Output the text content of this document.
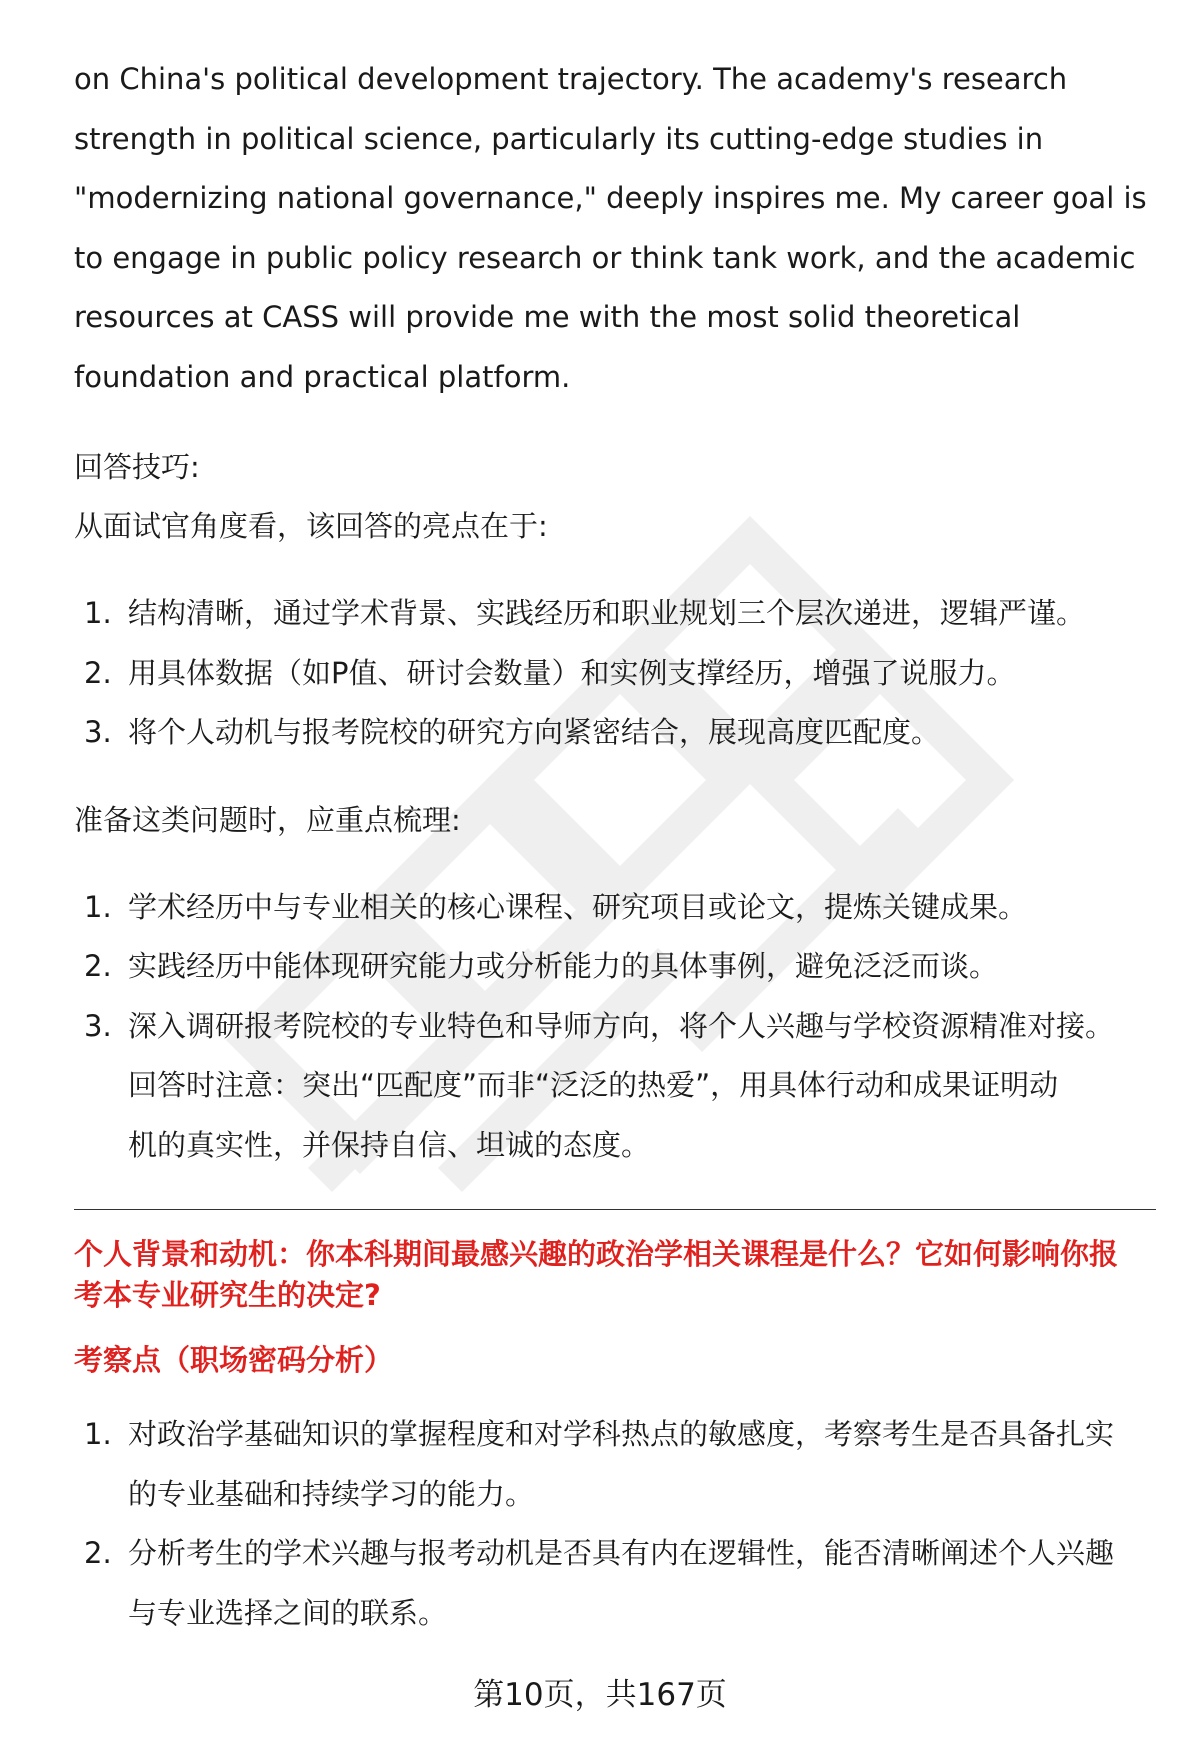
on China's political development trajectory. The academy's research

strength in political science, particularly its cutting-edge studies in

"modernizing national governance," deeply inspires me. My career goal is

to engage in public policy research or think tank work, and the academic

resources at CASS will provide me with the most solid theoretical

foundation and practical platform.

回答技巧:

从面试官角度看，该回答的亮点在于:

1. 结构清晰，通过学术背景、实践经历和职业规划三个层次递进，逻辑严谨。
2. 用具体数据（如P值、研讨会数量）和实例支撑经历，增强了说服力。
3. 将个人动机与报考院校的研究方向紧密结合，展现高度匹配度。

准备这类问题时，应重点梳理:

1. 学术经历中与专业相关的核心课程、研究项目或论文，提炼关键成果。
2. 实践经历中能体现研究能力或分析能力的具体事例，避免泛泛而谈。
3. 深入调研报考院校的专业特色和导师方向，将个人兴趣与学校资源精准对接。
回答时注意：突出“匹配度”而非“泛泛的热爱”，用具体行动和成果证明动
机的真实性，并保持自信、坦诚的态度。

个人背景和动机：你本科期间最感兴趣的政治学相关课程是什么？它如何影响你报

考本专业研究生的决定?

考察点（职场密码分析）

1. 对政治学基础知识的掌握程度和对学科热点的敏感度，考察考生是否具备扎实
的专业基础和持续学习的能力。
2. 分析考生的学术兴趣与报考动机是否具有内在逻辑性，能否清晰阐述个人兴趣
与专业选择之间的联系。
第10页，共167页
